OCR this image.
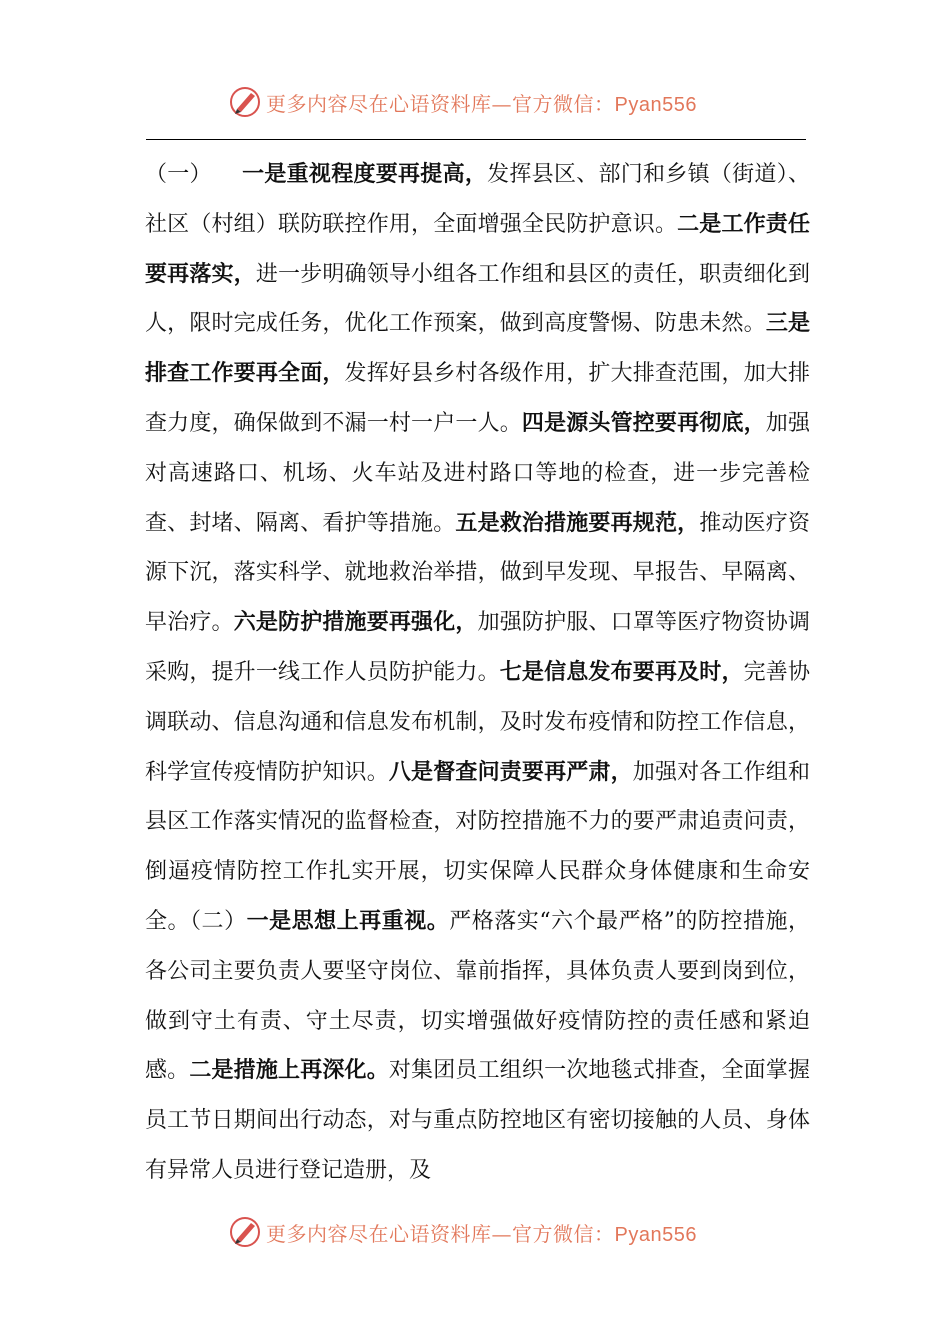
更多内容尽在心语资料库—官方微信：Pyan556
（一） 一是重视程度要再提高，发挥县区、部门和乡镇（街道）、社区（村组）联防联控作用，全面增强全民防护意识。二是工作责任要再落实，进一步明确领导小组各工作组和县区的责任，职责细化到人，限时完成任务，优化工作预案，做到高度警惕、防患未然。三是排查工作要再全面，发挥好县乡村各级作用，扩大排查范围，加大排查力度，确保做到不漏一村一户一人。四是源头管控要再彻底，加强对高速路口、机场、火车站及进村路口等地的检查，进一步完善检查、封堵、隔离、看护等措施。五是救治措施要再规范，推动医疗资源下沉，落实科学、就地救治举措，做到早发现、早报告、早隔离、早治疗。六是防护措施要再强化，加强防护服、口罩等医疗物资协调采购，提升一线工作人员防护能力。七是信息发布要再及时，完善协调联动、信息沟通和信息发布机制，及时发布疫情和防控工作信息，科学宣传疫情防护知识。八是督查问责要再严肃，加强对各工作组和县区工作落实情况的监督检查，对防控措施不力的要严肃追责问责，倒逼疫情防控工作扎实开展，切实保障人民群众身体健康和生命安全。（二）一是思想上再重视。严格落实“六个最严格”的防控措施，各公司主要负责人要坚守岗位、靠前指挥，具体负责人要到岗到位，做到守土有责、守土尽责，切实增强做好疫情防控的责任感和紧迫感。二是措施上再深化。对集团员工组织一次地毯式排查，全面掌握员工节日期间出行动态，对与重点防控地区有密切接触的人员、身体有异常人员进行登记造册，及
更多内容尽在心语资料库—官方微信：Pyan556
